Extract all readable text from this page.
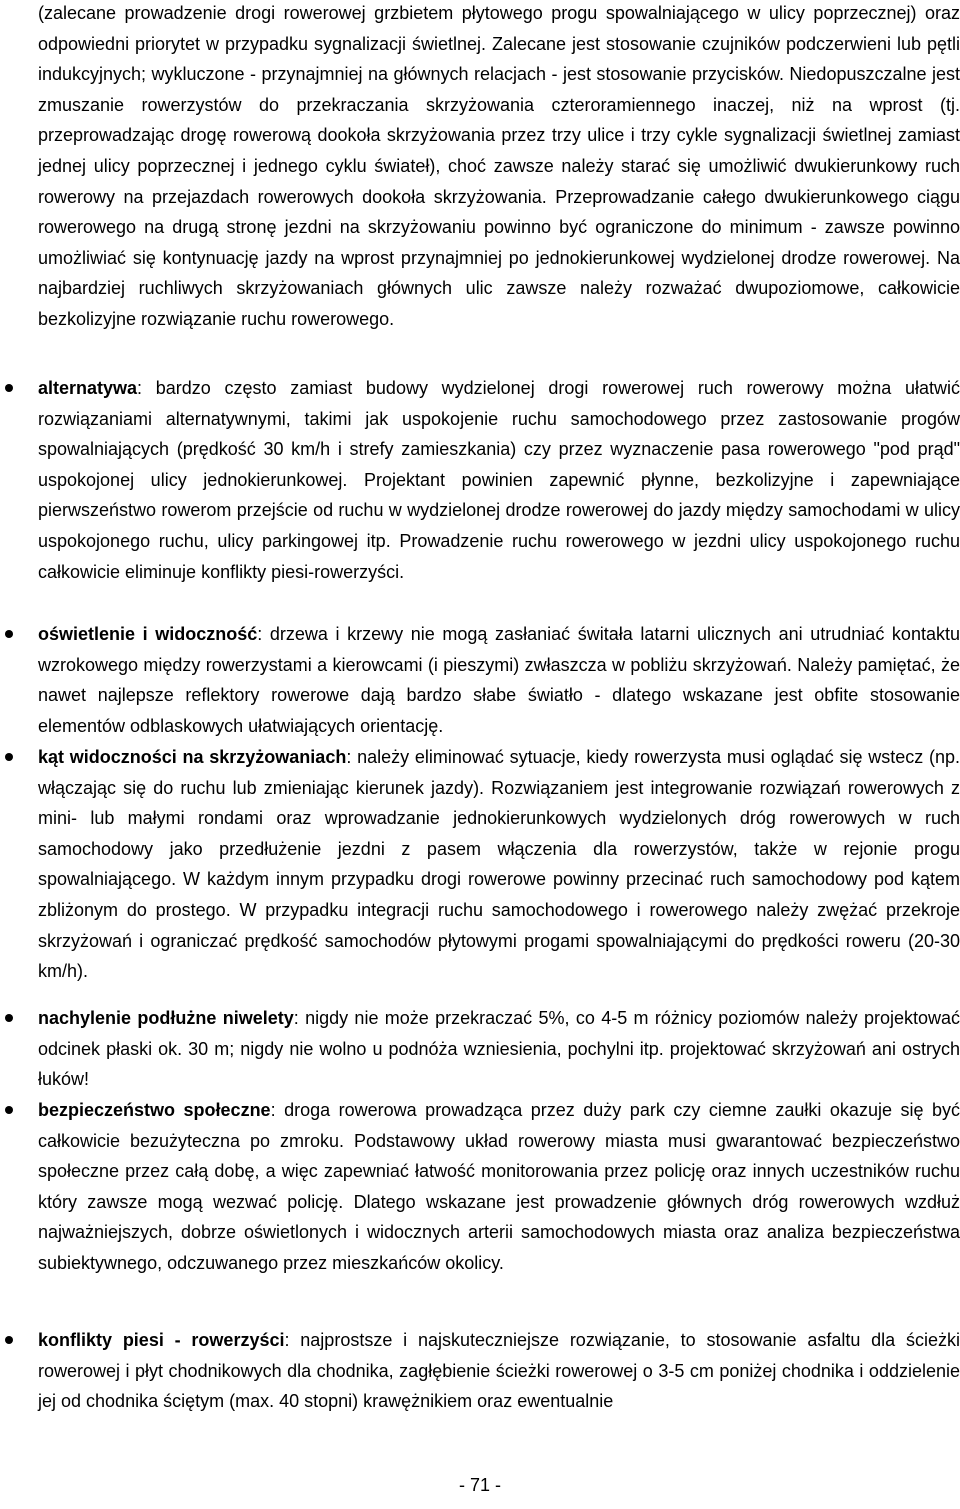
(zalecane prowadzenie drogi rowerowej grzbietem płytowego progu spowalniającego w ulicy poprzecznej) oraz odpowiedni priorytet w przypadku sygnalizacji świetlnej. Zalecane jest stosowanie czujników podczerwieni lub pętli indukcyjnych; wykluczone - przynajmniej na głównych relacjach - jest stosowanie przycisków. Niedopuszczalne jest zmuszanie rowerzystów do przekraczania skrzyżowania czteroramiennego inaczej, niż na wprost (tj. przeprowadzając drogę rowerową dookoła skrzyżowania przez trzy ulice i trzy cykle sygnalizacji świetlnej zamiast jednej ulicy poprzecznej i jednego cyklu świateł), choć zawsze należy starać się umożliwić dwukierunkowy ruch rowerowy na przejazdach rowerowych dookoła skrzyżowania. Przeprowadzanie całego dwukierunkowego ciągu rowerowego na drugą stronę jezdni na skrzyżowaniu powinno być ograniczone do minimum - zawsze powinno umożliwiać się kontynuację jazdy na wprost przynajmniej po jednokierunkowej wydzielonej drodze rowerowej. Na najbardziej ruchliwych skrzyżowaniach głównych ulic zawsze należy rozważać dwupoziomowe, całkowicie bezkolizyjne rozwiązanie ruchu rowerowego.

alternatywa: bardzo często zamiast budowy wydzielonej drogi rowerowej ruch rowerowy można ułatwić rozwiązaniami alternatywnymi, takimi jak uspokojenie ruchu samochodowego przez zastosowanie progów spowalniających (prędkość 30 km/h i strefy zamieszkania) czy przez wyznaczenie pasa rowerowego "pod prąd" uspokojonej ulicy jednokierunkowej. Projektant powinien zapewnić płynne, bezkolizyjne i zapewniające pierwszeństwo rowerom przejście od ruchu w wydzielonej drodze rowerowej do jazdy między samochodami w ulicy uspokojonego ruchu, ulicy parkingowej itp. Prowadzenie ruchu rowerowego w jezdni ulicy uspokojonego ruchu całkowicie eliminuje konflikty piesi-rowerzyści.

oświetlenie i widoczność: drzewa i krzewy nie mogą zasłaniać świtała latarni ulicznych ani utrudniać kontaktu wzrokowego między rowerzystami a kierowcami (i pieszymi) zwłaszcza w pobliżu skrzyżowań. Należy pamiętać, że nawet najlepsze reflektory rowerowe dają bardzo słabe światło - dlatego wskazane jest obfite stosowanie elementów odblaskowych ułatwiających orientację.

kąt widoczności na skrzyżowaniach: należy eliminować sytuacje, kiedy rowerzysta musi oglądać się wstecz (np. włączając się do ruchu lub zmieniając kierunek jazdy). Rozwiązaniem jest integrowanie rozwiązań rowerowych z mini- lub małymi rondami oraz wprowadzanie jednokierunkowych wydzielonych dróg rowerowych w ruch samochodowy jako przedłużenie jezdni z pasem włączenia dla rowerzystów, także w rejonie progu spowalniającego. W każdym innym przypadku drogi rowerowe powinny przecinać ruch samochodowy pod kątem zbliżonym do prostego. W przypadku integracji ruchu samochodowego i rowerowego należy zwężać przekroje skrzyżowań i ograniczać prędkość samochodów płytowymi progami spowalniającymi do prędkości roweru (20-30 km/h).

nachylenie podłużne niwelety: nigdy nie może przekraczać 5%, co 4-5 m różnicy poziomów należy projektować odcinek płaski ok. 30 m; nigdy nie wolno u podnóża wzniesienia, pochylni itp. projektować skrzyżowań ani ostrych łuków!

bezpieczeństwo społeczne: droga rowerowa prowadząca przez duży park czy ciemne zaułki okazuje się być całkowicie bezużyteczna po zmroku. Podstawowy układ rowerowy miasta musi gwarantować bezpieczeństwo społeczne przez całą dobę, a więc zapewniać łatwość monitorowania przez policję oraz innych uczestników ruchu który zawsze mogą wezwać policję. Dlatego wskazane jest prowadzenie głównych dróg rowerowych wzdłuż najważniejszych, dobrze oświetlonych i widocznych arterii samochodowych miasta oraz analiza bezpieczeństwa subiektywnego, odczuwanego przez mieszkańców okolicy.

konflikty piesi - rowerzyści: najprostsze i najskuteczniejsze rozwiązanie, to stosowanie asfaltu dla ścieżki rowerowej i płyt chodnikowych dla chodnika, zagłębienie ścieżki rowerowej o 3-5 cm poniżej chodnika i oddzielenie jej od chodnika ściętym (max. 40 stopni) krawężnikiem oraz ewentualnie

- 71 -
